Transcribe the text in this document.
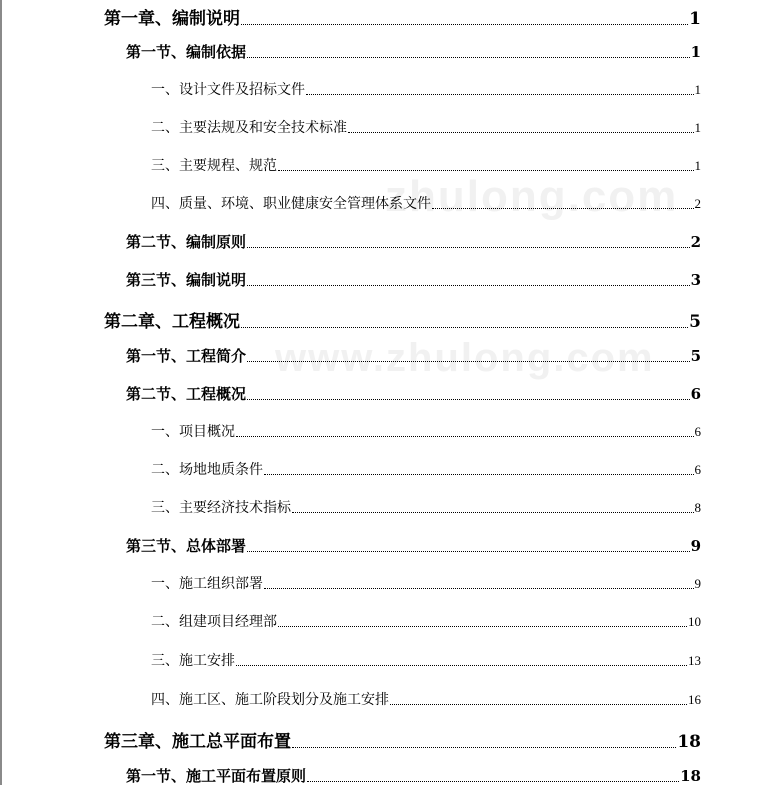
zhulong.com
www.zhulong.com
第一章、编制说明	1
第一节、编制依据	1
一、设计文件及招标文件	1
二、主要法规及和安全技术标准	1
三、主要规程、规范	1
四、质量、环境、职业健康安全管理体系文件	2
第二节、编制原则	2
第三节、编制说明	3
第二章、工程概况	5
第一节、工程简介	5
第二节、工程概况	6
一、项目概况	6
二、场地地质条件	6
三、主要经济技术指标	8
第三节、总体部署	9
一、施工组织部署	9
二、组建项目经理部	10
三、施工安排	13
四、施工区、施工阶段划分及施工安排	16
第三章、施工总平面布置	18
第一节、施工平面布置原则	18
